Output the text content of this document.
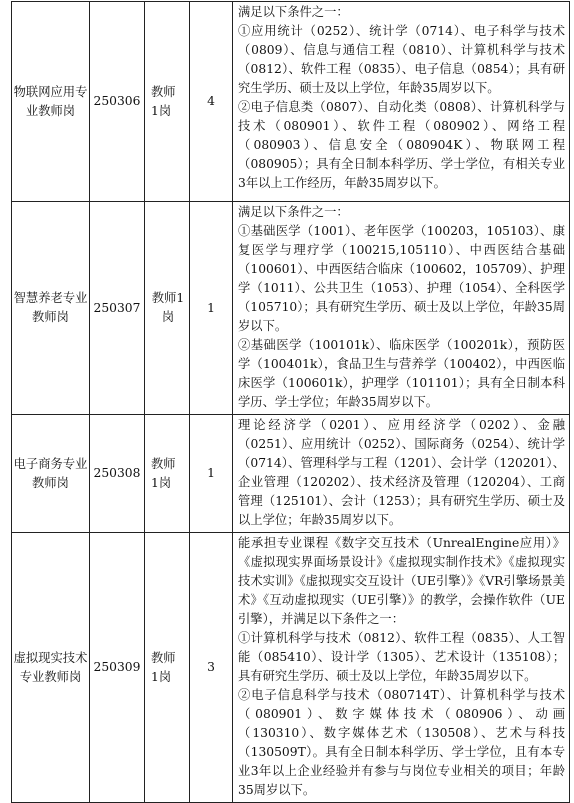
物联网应用专业教师岗	250306	教师1岗	4	满足以下条件之一：
①应用统计（0252）、统计学（0714）、电子科学与技术（0809）、信息与通信工程（0810）、计算机科学与技术（0812）、软件工程（0835）、电子信息（0854）；具有研究生学历、硕士及以上学位，年龄35周岁以下。
②电子信息类（0807）、自动化类（0808）、计算机科学与技术（080901）、软件工程（080902）、网络工程（080903）、信息安全（080904K）、物联网工程（080905）；具有全日制本科学历、学士学位，有相关专业3年以上工作经历，年龄35周岁以下。

智慧养老专业教师岗	250307	教师1岗	1	满足以下条件之一：
①基础医学（1001）、老年医学（100203，105103）、康复医学与理疗学（100215,105110）、中西医结合基础（100601）、中西医结合临床（100602，105709）、护理学（1011）、公共卫生（1053）、护理（1054）、全科医学（105710）；具有研究生学历、硕士及以上学位，年龄35周岁以下。
②基础医学（100101k）、临床医学（100201k），预防医学（100401k），食品卫生与营养学（100402），中西医临床医学（100601k），护理学（101101）；具有全日制本科学历、学士学位；年龄35周岁以下。

电子商务专业教师岗	250308	教师1岗	1	理论经济学（0201）、应用经济学（0202）、金融（0251）、应用统计（0252）、国际商务（0254）、统计学（0714）、管理科学与工程（1201）、会计学（120201）、企业管理（120202）、技术经济及管理（120204）、工商管理（125101）、会计（1253）；具有研究生学历、硕士及以上学位；年龄35周岁以下。

虚拟现实技术专业教师岗	250309	教师1岗	3	能承担专业课程《数字交互技术（UnrealEngine应用）》《虚拟现实界面场景设计》《虚拟现实制作技术》《虚拟现实技术实训》《虚拟现实交互设计（UE引擎）》《VR引擎场景美术》《互动虚拟现实（UE引擎）》的教学，会操作软件（UE引擎），并满足以下条件之一：
①计算机科学与技术（0812）、软件工程（0835）、人工智能（085410）、设计学（1305）、艺术设计（135108）；具有研究生学历、硕士及以上学位，年龄35周岁以下。
②电子信息科学与技术（080714T）、计算机科学与技术（080901）、数字媒体技术（080906）、动画（130310）、数字媒体艺术（130508）、艺术与科技（130509T）。具有全日制本科学历、学士学位，且有本专业3年以上企业经验并有参与与岗位专业相关的项目；年龄35周岁以下。
